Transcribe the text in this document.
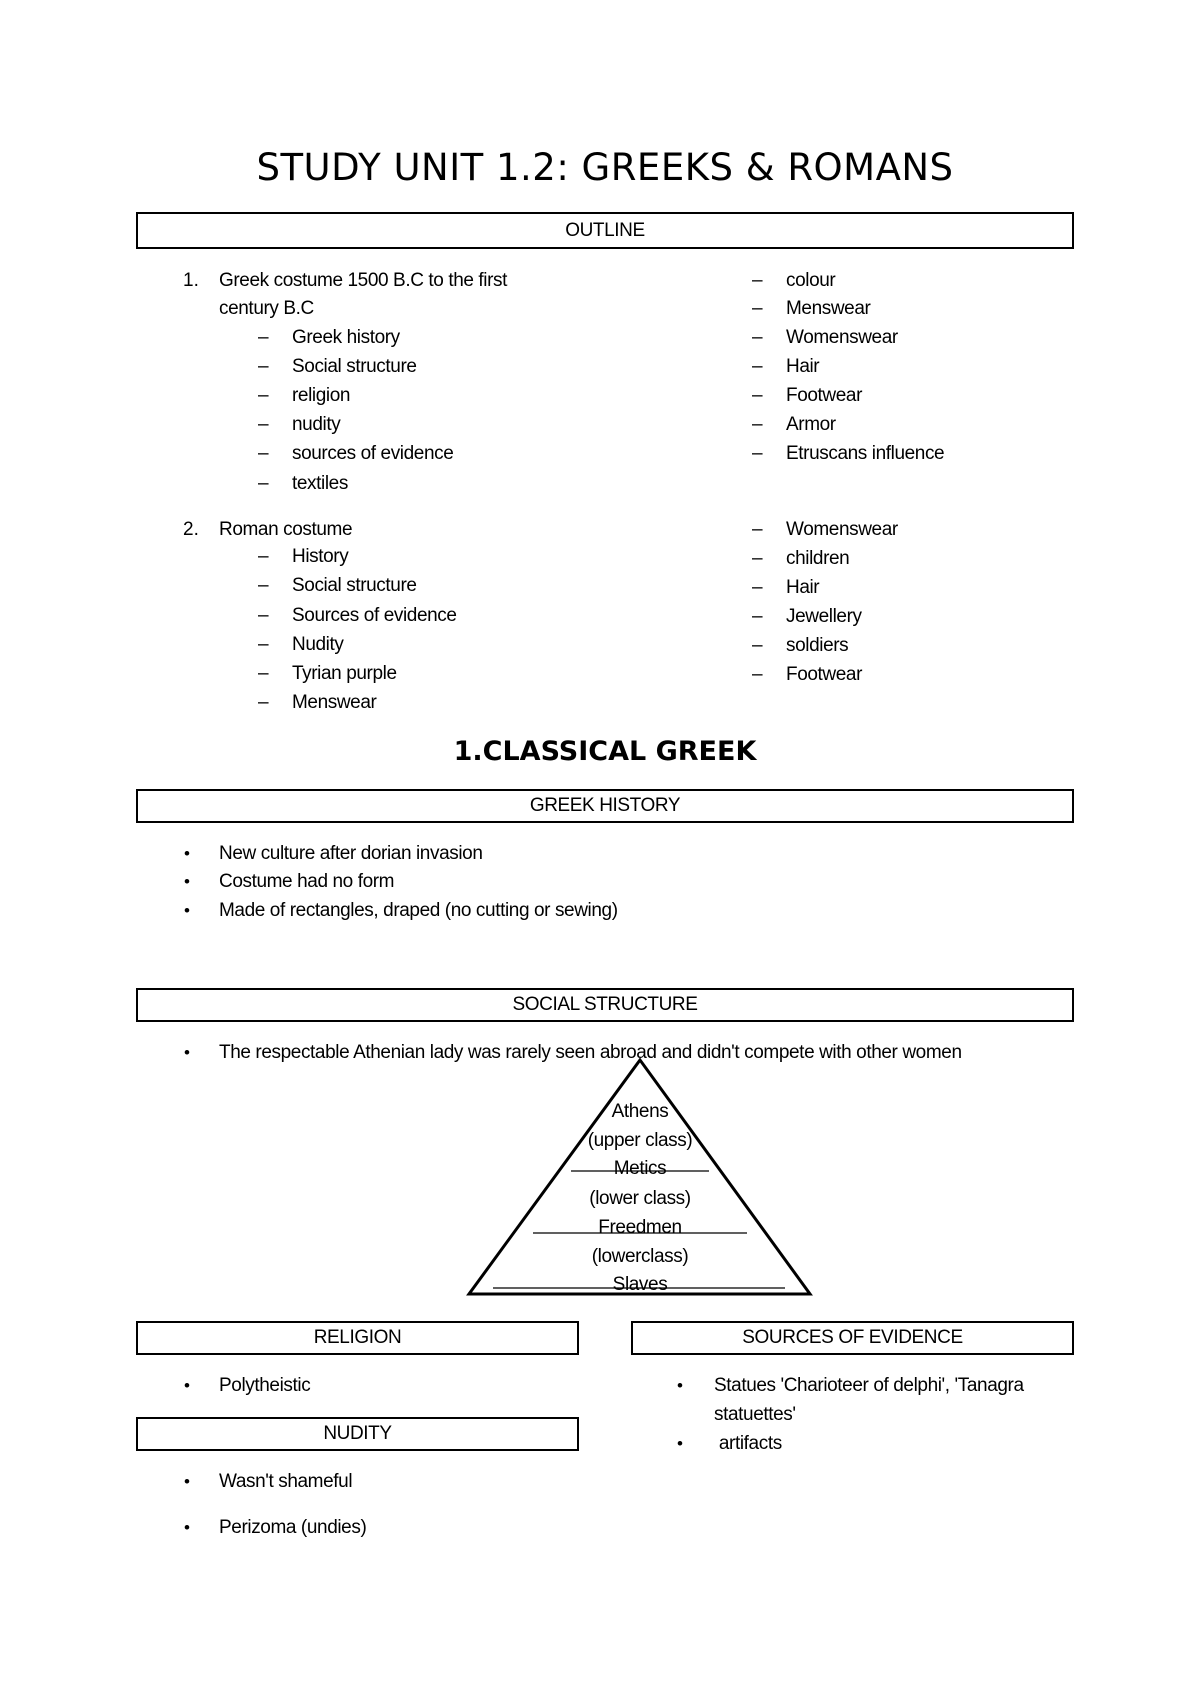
STUDY UNIT 1.2: GREEKS & ROMANS
OUTLINE
1. Greek costume 1500 B.C to the first
century B.C
– Greek history
– Social structure
– religion
– nudity
– sources of evidence
– textiles
– colour
– Menswear
– Womenswear
– Hair
– Footwear
– Armor
– Etruscans influence
2. Roman costume
– History
– Social structure
– Sources of evidence
– Nudity
– Tyrian purple
– Menswear
– Womenswear
– children
– Hair
– Jewellery
– soldiers
– Footwear
1.CLASSICAL GREEK
GREEK HISTORY
• New culture after dorian invasion
• Costume had no form
• Made of rectangles, draped (no cutting or sewing)
SOCIAL STRUCTURE
• The respectable Athenian lady was rarely seen abroad and didn't compete with other women
Athens
(upper class)
Metics
(lower class)
Freedmen
(lowerclass)
Slaves
RELIGION
• Polytheistic
SOURCES OF EVIDENCE
• Statues 'Charioteer of delphi', 'Tanagra
statuettes'
• artifacts
NUDITY
• Wasn't shameful
• Perizoma (undies)
